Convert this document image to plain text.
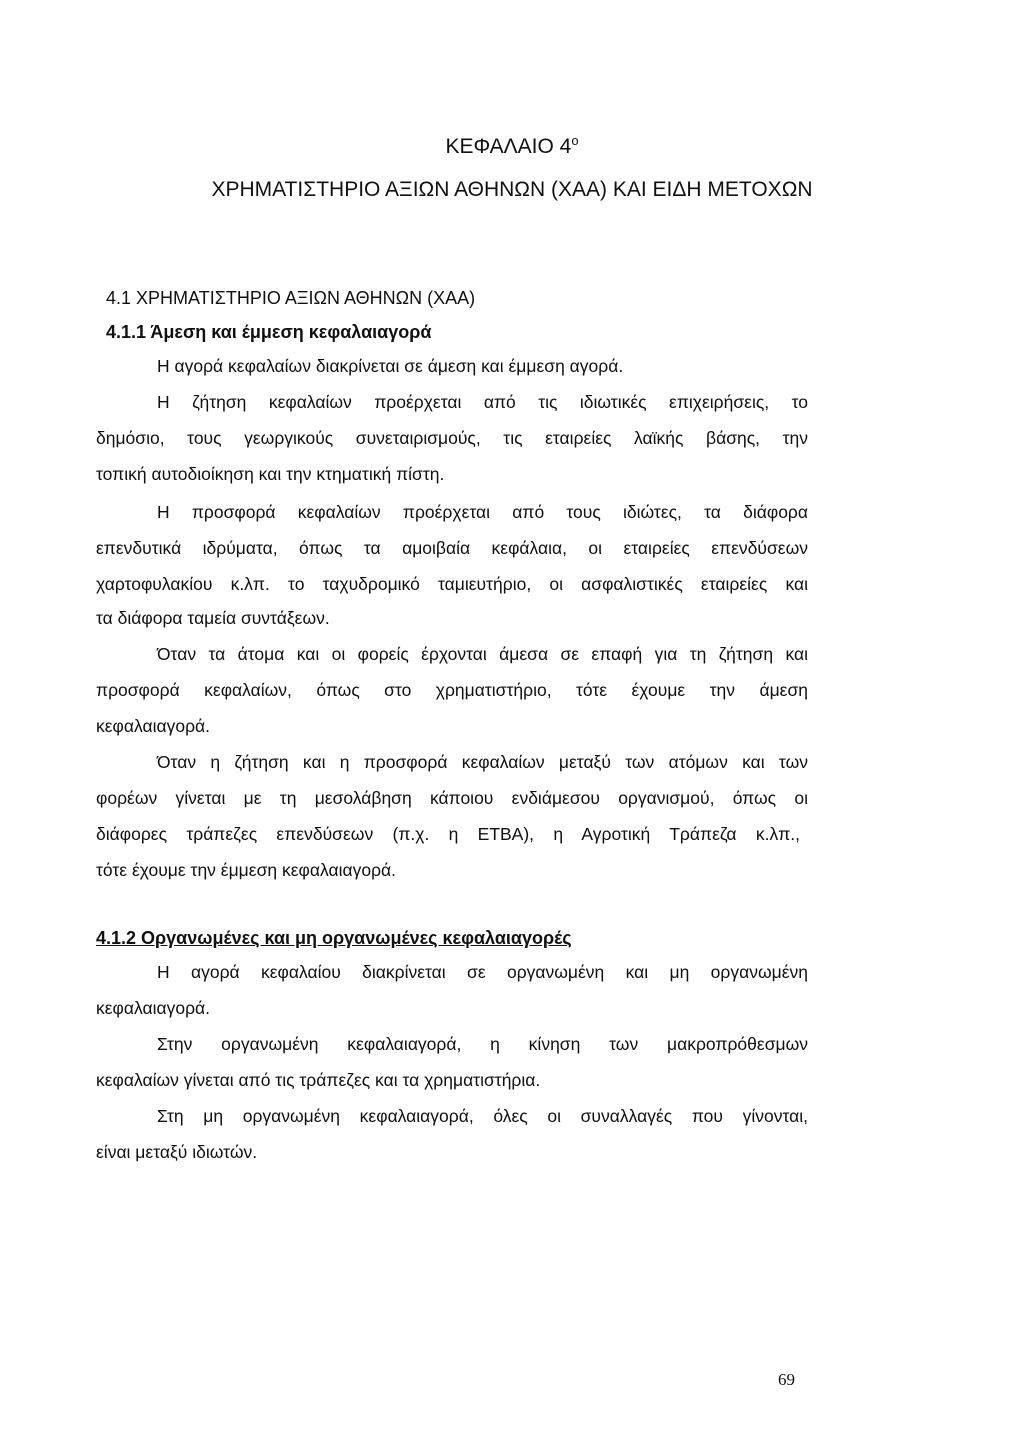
ΚΕΦΑΛΑΙΟ $4^o$
ΧΡΗΜΑΤΙΣΤΗΡΙΟ ΑΞΙΩΝ ΑΘΗΝΩΝ (ΧΑΑ) ΚΑΙ ΕΙΔΗ ΜΕΤΟΧΩΝ
4.1 ΧΡΗΜΑΤΙΣΤΗΡΙΟ ΑΞΙΩΝ ΑΘΗΝΩΝ (ΧΑΑ)
4.1.1 Άμεση και έμμεση κεφαλαιαγορά
Η αγορά κεφαλαίων διακρίνεται σε άμεση και έμμεση αγορά.
Η ζήτηση κεφαλαίων προέρχεται από τις ιδιωτικές επιχειρήσεις, το
δημόσιο, τους γεωργικούς συνεταιρισμούς, τις εταιρείες λαϊκής βάσης, την
τοπική αυτοδιοίκηση και την κτηματική πίστη.
Η προσφορά κεφαλαίων προέρχεται από τους ιδιώτες, τα διάφορα
επενδυτικά ιδρύματα, όπως τα αμοιβαία κεφάλαια, οι εταιρείες επενδύσεων
χαρτοφυλακίου κ.λπ. το ταχυδρομικό ταμιευτήριο, οι ασφαλιστικές εταιρείες και
τα διάφορα ταμεία συντάξεων.
Όταν τα άτομα και οι φορείς έρχονται άμεσα σε επαφή για τη ζήτηση και
προσφορά κεφαλαίων, όπως στο χρηματιστήριο, τότε έχουμε την άμεση
κεφαλαιαγορά.
Όταν η ζήτηση και η προσφορά κεφαλαίων μεταξύ των ατόμων και των
φορέων γίνεται με τη μεσολάβηση κάποιου ενδιάμεσου οργανισμού, όπως οι
διάφορες τράπεζες επενδύσεων (π.χ. η ΕΤΒΑ), η Αγροτική Τράπεζα κ.λπ.,
τότε έχουμε την έμμεση κεφαλαιαγορά.
4.1.2 Οργανωμένες και μη οργανωμένες κεφαλαιαγορές
Η αγορά κεφαλαίου διακρίνεται σε οργανωμένη και μη οργανωμένη
κεφαλαιαγορά.
Στην οργανωμένη κεφαλαιαγορά, η κίνηση των μακροπρόθεσμων
κεφαλαίων γίνεται από τις τράπεζες και τα χρηματιστήρια.
Στη μη οργανωμένη κεφαλαιαγορά, όλες οι συναλλαγές που γίνονται,
είναι μεταξύ ιδιωτών.
69
